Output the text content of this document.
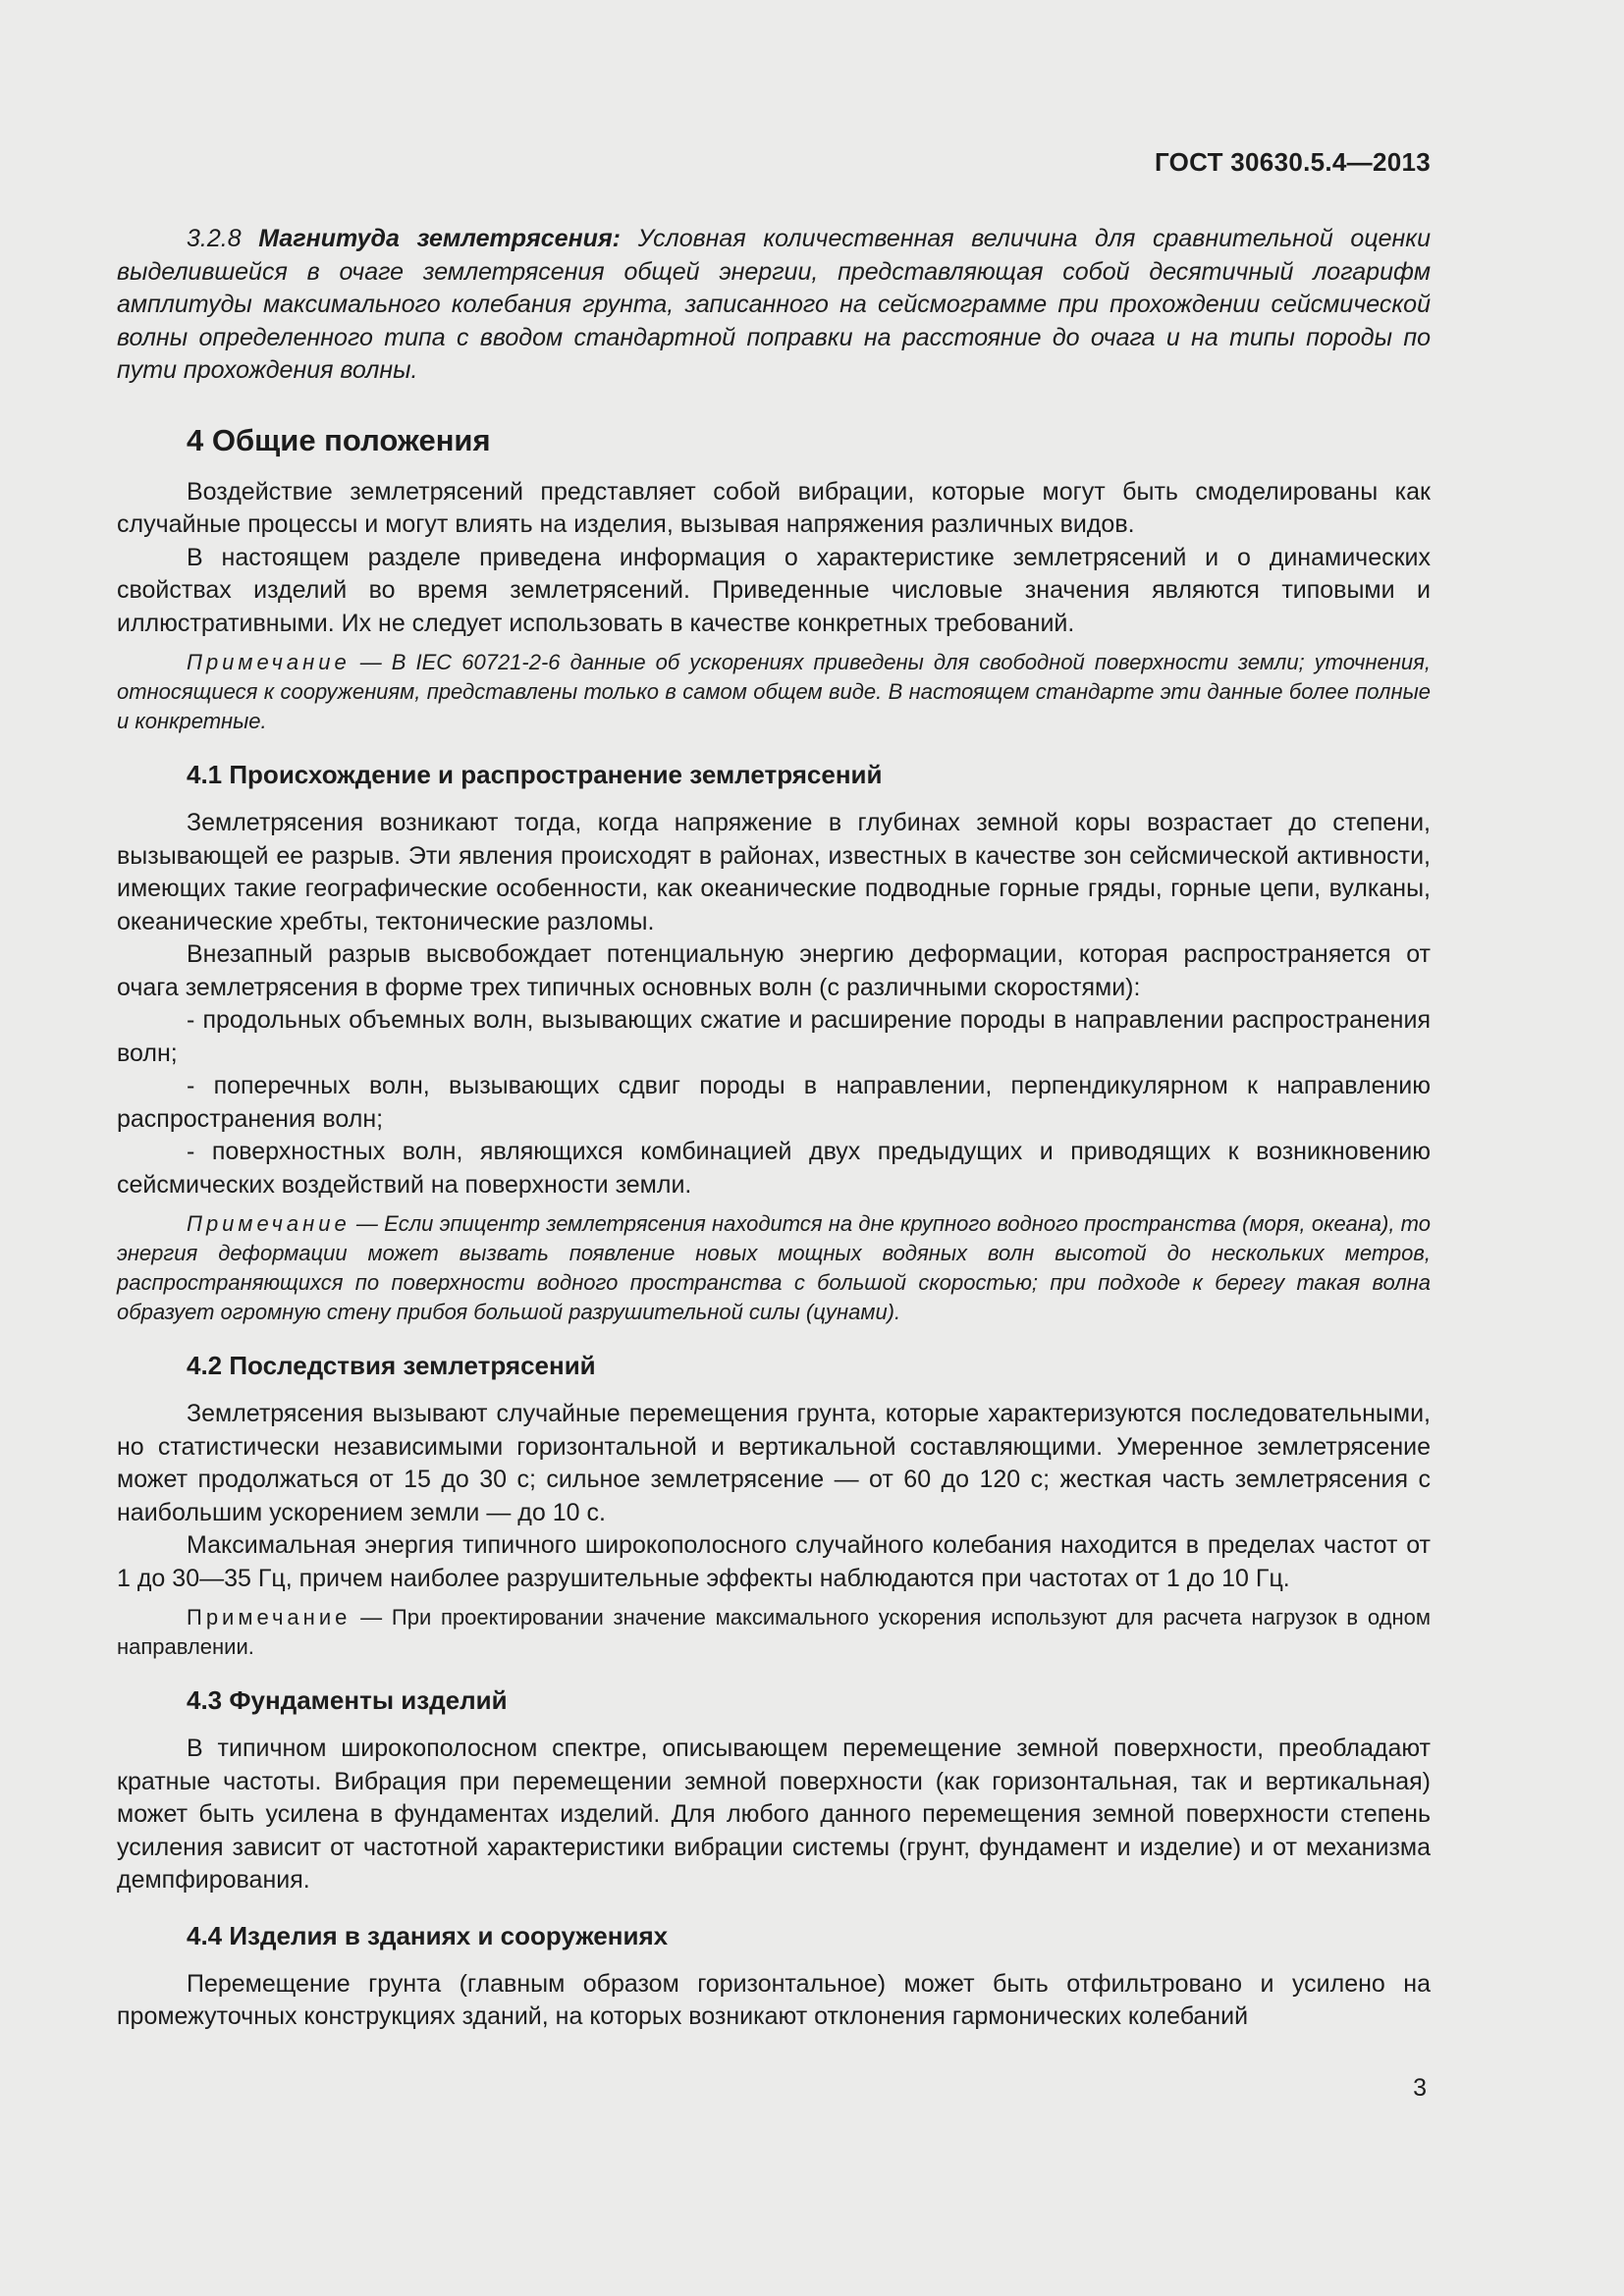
ГОСТ 30630.5.4—2013

3.2.8 Магнитуда землетрясения: Условная количественная величина для сравнительной оценки выделившейся в очаге землетрясения общей энергии, представляющая собой десятичный логарифм амплитуды максимального колебания грунта, записанного на сейсмограмме при прохождении сейсмической волны определенного типа с вводом стандартной поправки на расстояние до очага и на типы породы по пути прохождения волны.

4 Общие положения

Воздействие землетрясений представляет собой вибрации, которые могут быть смоделированы как случайные процессы и могут влиять на изделия, вызывая напряжения различных видов.

В настоящем разделе приведена информация о характеристике землетрясений и о динамических свойствах изделий во время землетрясений. Приведенные числовые значения являются типовыми и иллюстративными. Их не следует использовать в качестве конкретных требований.

Примечание — В IEC 60721-2-6 данные об ускорениях приведены для свободной поверхности земли; уточнения, относящиеся к сооружениям, представлены только в самом общем виде. В настоящем стандарте эти данные более полные и конкретные.

4.1 Происхождение и распространение землетрясений

Землетрясения возникают тогда, когда напряжение в глубинах земной коры возрастает до степени, вызывающей ее разрыв. Эти явления происходят в районах, известных в качестве зон сейсмической активности, имеющих такие географические особенности, как океанические подводные горные гряды, горные цепи, вулканы, океанические хребты, тектонические разломы.

Внезапный разрыв высвобождает потенциальную энергию деформации, которая распространяется от очага землетрясения в форме трех типичных основных волн (с различными скоростями):

- продольных объемных волн, вызывающих сжатие и расширение породы в направлении распространения волн;

- поперечных волн, вызывающих сдвиг породы в направлении, перпендикулярном к направлению распространения волн;

- поверхностных волн, являющихся комбинацией двух предыдущих и приводящих к возникновению сейсмических воздействий на поверхности земли.

Примечание — Если эпицентр землетрясения находится на дне крупного водного пространства (моря, океана), то энергия деформации может вызвать появление новых мощных водяных волн высотой до нескольких метров, распространяющихся по поверхности водного пространства с большой скоростью; при подходе к берегу такая волна образует огромную стену прибоя большой разрушительной силы (цунами).

4.2 Последствия землетрясений

Землетрясения вызывают случайные перемещения грунта, которые характеризуются последовательными, но статистически независимыми горизонтальной и вертикальной составляющими. Умеренное землетрясение может продолжаться от 15 до 30 с; сильное землетрясение — от 60 до 120 с; жесткая часть землетрясения с наибольшим ускорением земли — до 10 с.

Максимальная энергия типичного широкополосного случайного колебания находится в пределах частот от 1 до 30—35 Гц, причем наиболее разрушительные эффекты наблюдаются при частотах от 1 до 10 Гц.

Примечание — При проектировании значение максимального ускорения используют для расчета нагрузок в одном направлении.

4.3 Фундаменты изделий

В типичном широкополосном спектре, описывающем перемещение земной поверхности, преобладают кратные частоты. Вибрация при перемещении земной поверхности (как горизонтальная, так и вертикальная) может быть усилена в фундаментах изделий. Для любого данного перемещения земной поверхности степень усиления зависит от частотной характеристики вибрации системы (грунт, фундамент и изделие) и от механизма демпфирования.

4.4 Изделия в зданиях и сооружениях

Перемещение грунта (главным образом горизонтальное) может быть отфильтровано и усилено на промежуточных конструкциях зданий, на которых возникают отклонения гармонических колебаний

3
